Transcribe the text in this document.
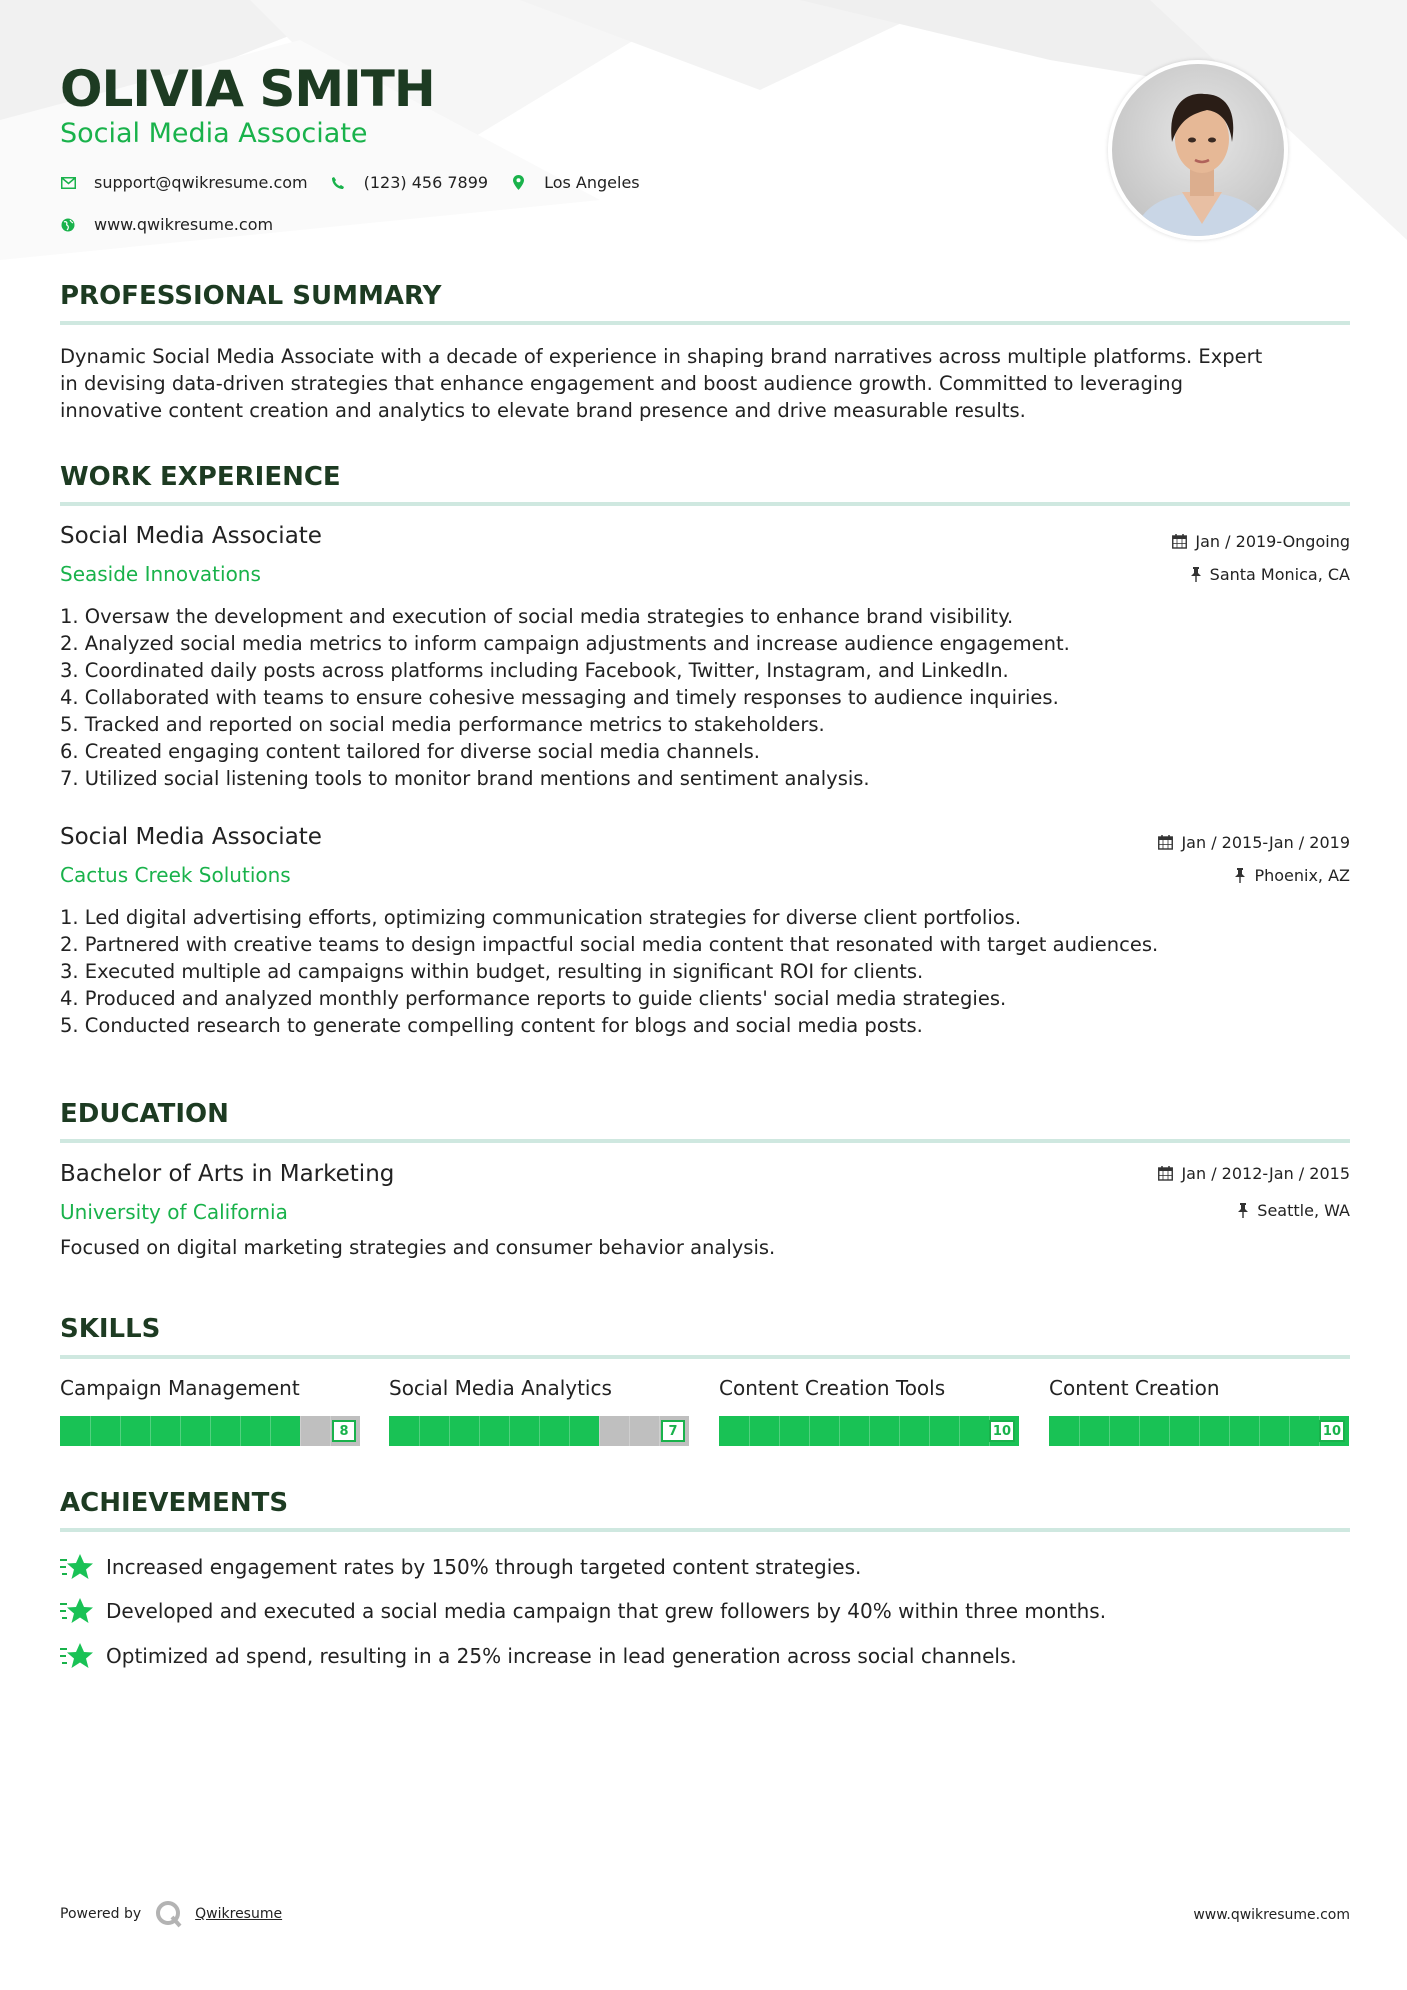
OLIVIA SMITH
Social Media Associate
support@qwikresume.com	(123) 456 7899	Los Angeles
www.qwikresume.com
PROFESSIONAL SUMMARY
Dynamic Social Media Associate with a decade of experience in shaping brand narratives across multiple platforms. Expert
in devising data-driven strategies that enhance engagement and boost audience growth. Committed to leveraging
innovative content creation and analytics to elevate brand presence and drive measurable results.
WORK EXPERIENCE
Social Media Associate
Seaside Innovations
Jan / 2019-Ongoing
Santa Monica, CA
1. Oversaw the development and execution of social media strategies to enhance brand visibility.
2. Analyzed social media metrics to inform campaign adjustments and increase audience engagement.
3. Coordinated daily posts across platforms including Facebook, Twitter, Instagram, and LinkedIn.
4. Collaborated with teams to ensure cohesive messaging and timely responses to audience inquiries.
5. Tracked and reported on social media performance metrics to stakeholders.
6. Created engaging content tailored for diverse social media channels.
7. Utilized social listening tools to monitor brand mentions and sentiment analysis.
Social Media Associate
Cactus Creek Solutions
Jan / 2015-Jan / 2019
Phoenix, AZ
1. Led digital advertising efforts, optimizing communication strategies for diverse client portfolios.
2. Partnered with creative teams to design impactful social media content that resonated with target audiences.
3. Executed multiple ad campaigns within budget, resulting in significant ROI for clients.
4. Produced and analyzed monthly performance reports to guide clients' social media strategies.
5. Conducted research to generate compelling content for blogs and social media posts.
EDUCATION
Bachelor of Arts in Marketing
University of California
Jan / 2012-Jan / 2015
Seattle, WA
Focused on digital marketing strategies and consumer behavior analysis.
SKILLS
Campaign Management
8
Social Media Analytics
7
Content Creation Tools
10
Content Creation
10
ACHIEVEMENTS
Increased engagement rates by 150% through targeted content strategies.
Developed and executed a social media campaign that grew followers by 40% within three months.
Optimized ad spend, resulting in a 25% increase in lead generation across social channels.
Powered by	Qwikresume	www.qwikresume.com
